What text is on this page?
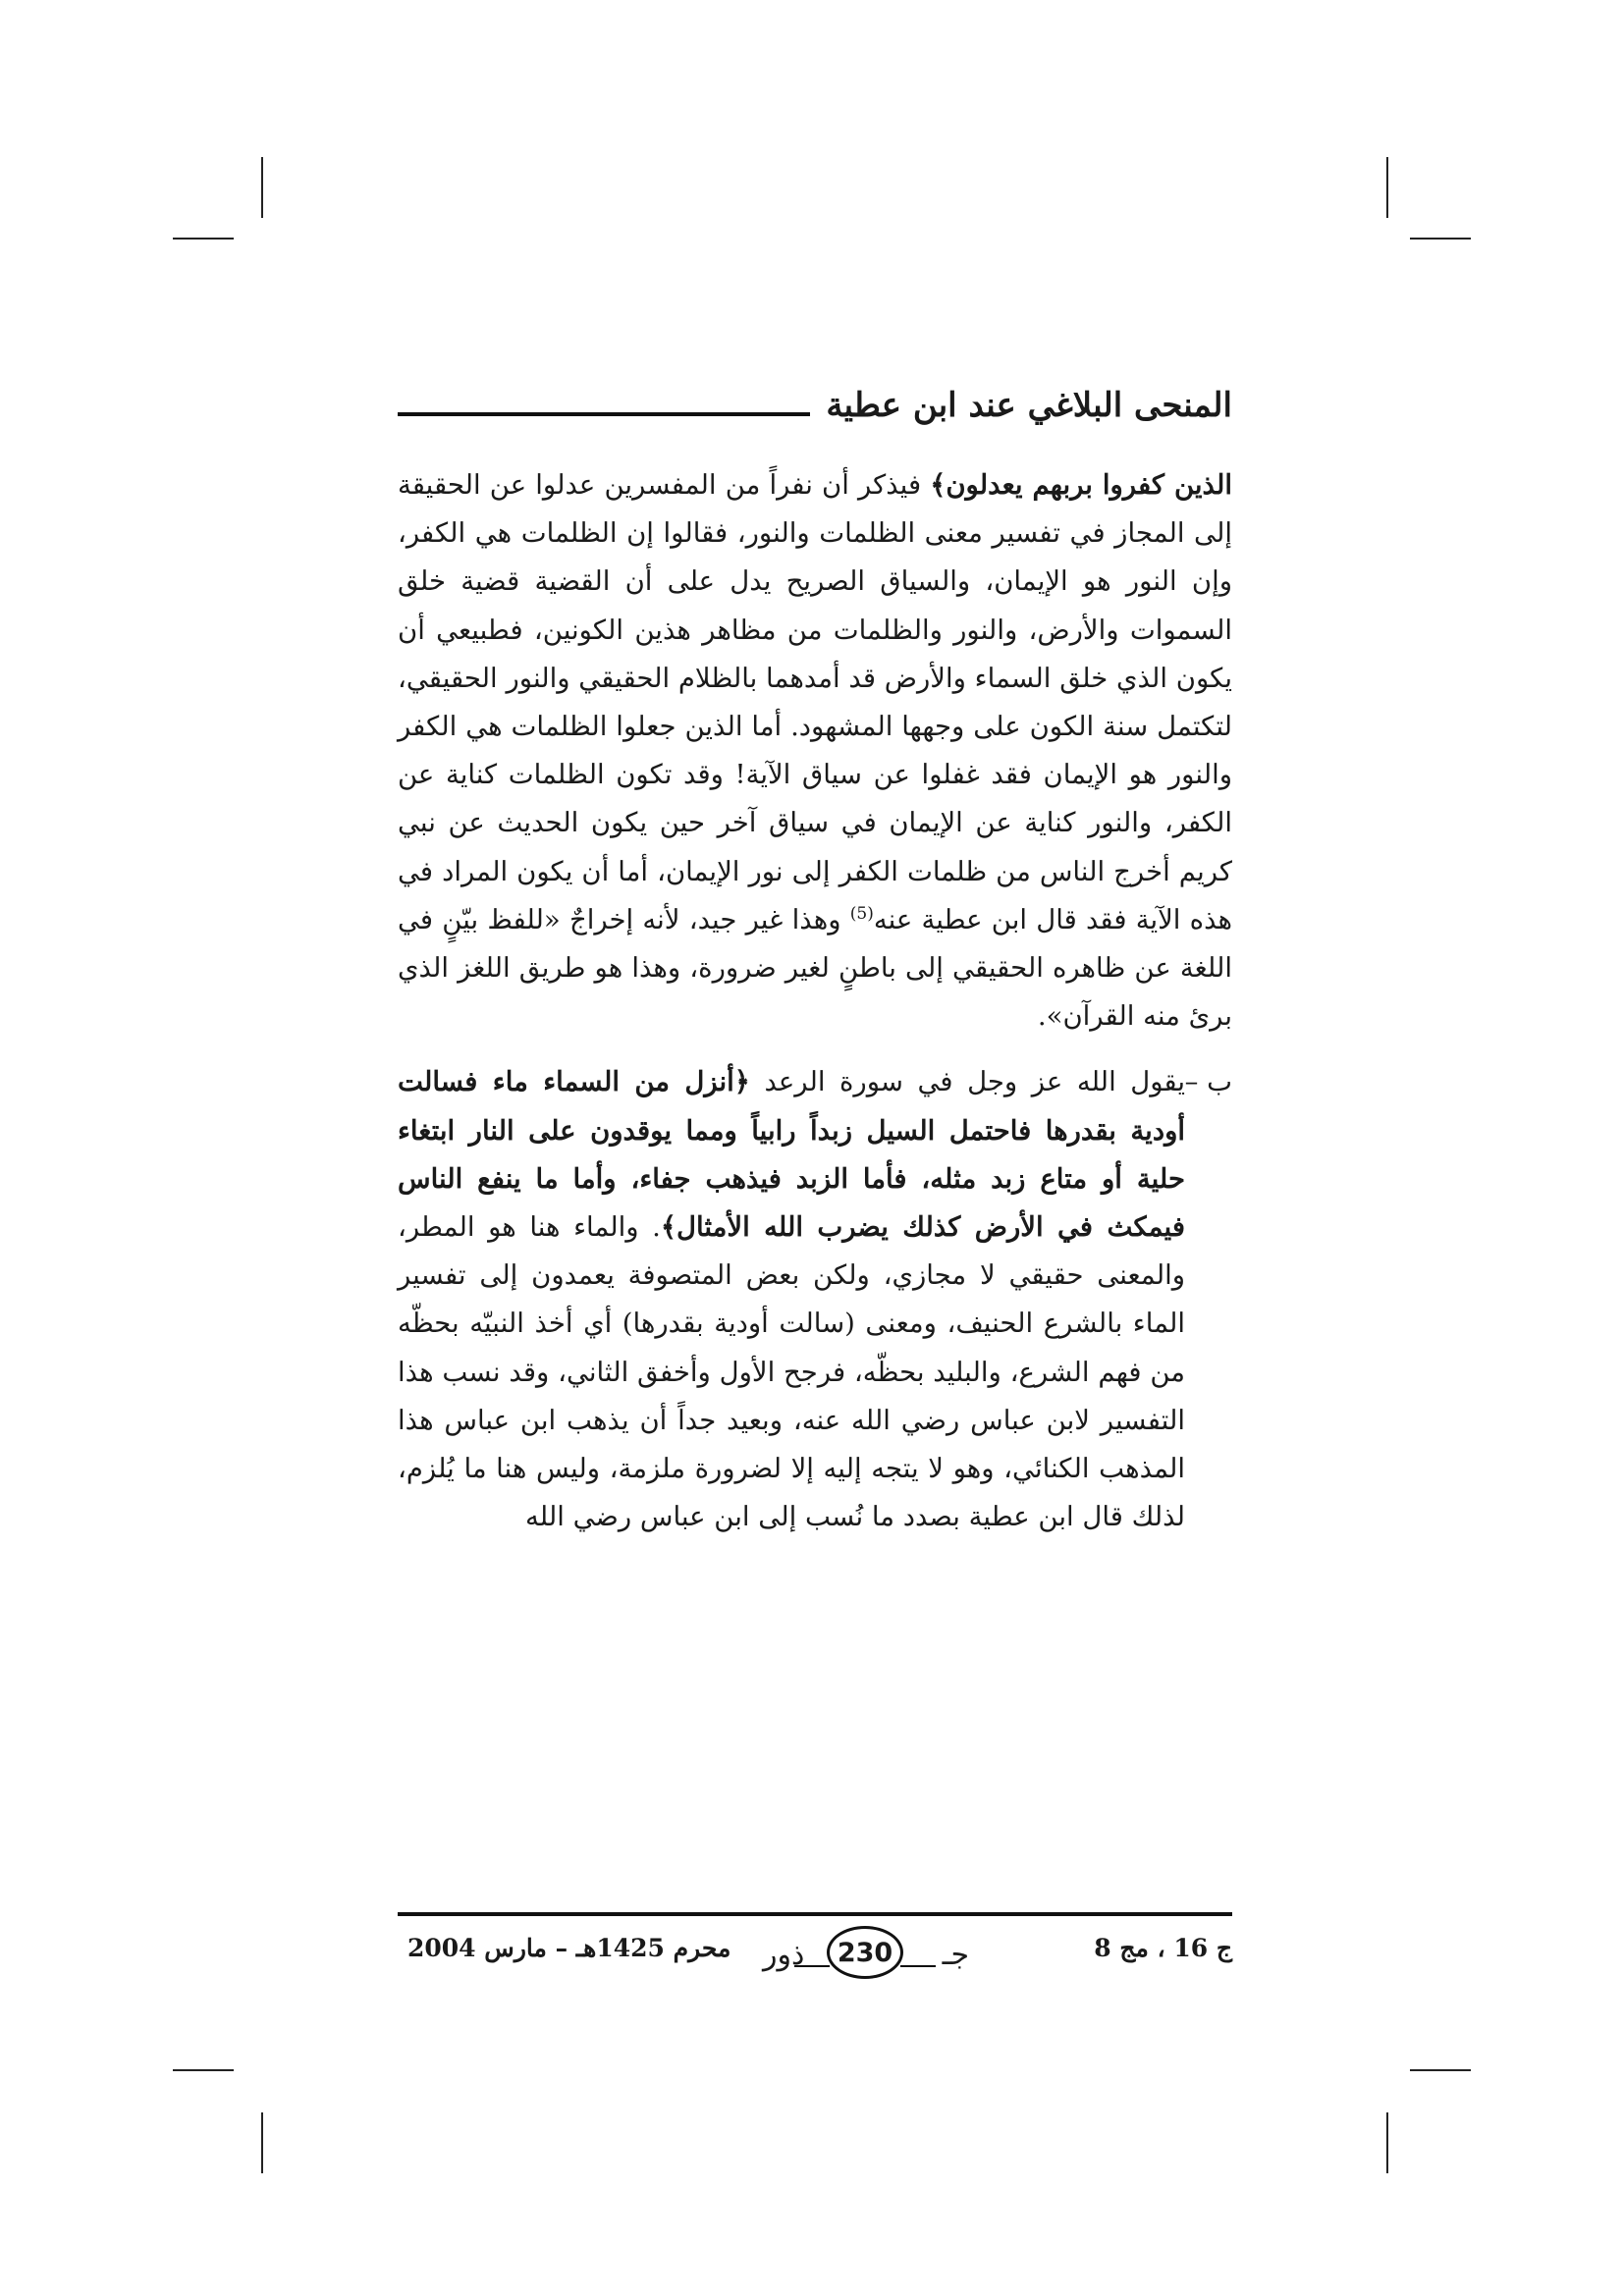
المنحى البلاغي عند ابن عطية

الذين كفروا بربهم يعدلون﴾ فيذكر أن نفراً من المفسرين عدلوا عن الحقيقة إلى المجاز في تفسير معنى الظلمات والنور، فقالوا إن الظلمات هي الكفر، وإن النور هو الإيمان، والسياق الصريح يدل على أن القضية قضية خلق السموات والأرض، والنور والظلمات من مظاهر هذين الكونين، فطبيعي أن يكون الذي خلق السماء والأرض قد أمدهما بالظلام الحقيقي والنور الحقيقي، لتكتمل سنة الكون على وجهها المشهود. أما الذين جعلوا الظلمات هي الكفر والنور هو الإيمان فقد غفلوا عن سياق الآية! وقد تكون الظلمات كناية عن الكفر، والنور كناية عن الإيمان في سياق آخر حين يكون الحديث عن نبي كريم أخرج الناس من ظلمات الكفر إلى نور الإيمان، أما أن يكون المراد في هذه الآية فقد قال ابن عطية عنه$^{(5)}$ وهذا غير جيد، لأنه إخراجٌ «للفظ بيّنٍ في اللغة عن ظاهره الحقيقي إلى باطنٍ لغير ضرورة، وهذا هو طريق اللغز الذي برئ منه القرآن».

ب –
يقول الله عز وجل في سورة الرعد ﴿أنزل من السماء ماء فسالت أودية بقدرها فاحتمل السيل زبداً رابياً ومما يوقدون على النار ابتغاء حلية أو متاع زبد مثله، فأما الزبد فيذهب جفاء، وأما ما ينفع الناس فيمكث في الأرض كذلك يضرب الله الأمثال﴾. والماء هنا هو المطر، والمعنى حقيقي لا مجازي، ولكن بعض المتصوفة يعمدون إلى تفسير الماء بالشرع الحنيف، ومعنى (سالت أودية بقدرها) أي أخذ النبيّه بحظّه من فهم الشرع، والبليد بحظّه، فرجح الأول وأخفق الثاني، وقد نسب هذا التفسير لابن عباس رضي الله عنه، وبعيد جداً أن يذهب ابن عباس هذا المذهب الكنائي، وهو لا يتجه إليه إلا لضرورة ملزمة، وليس هنا ما يُلزم، لذلك قال ابن عطية بصدد ما نُسب إلى ابن عباس رضي الله

ج 16 ، مج 8
جـ
230
ذور
محرم 1425هـ – مارس 2004
